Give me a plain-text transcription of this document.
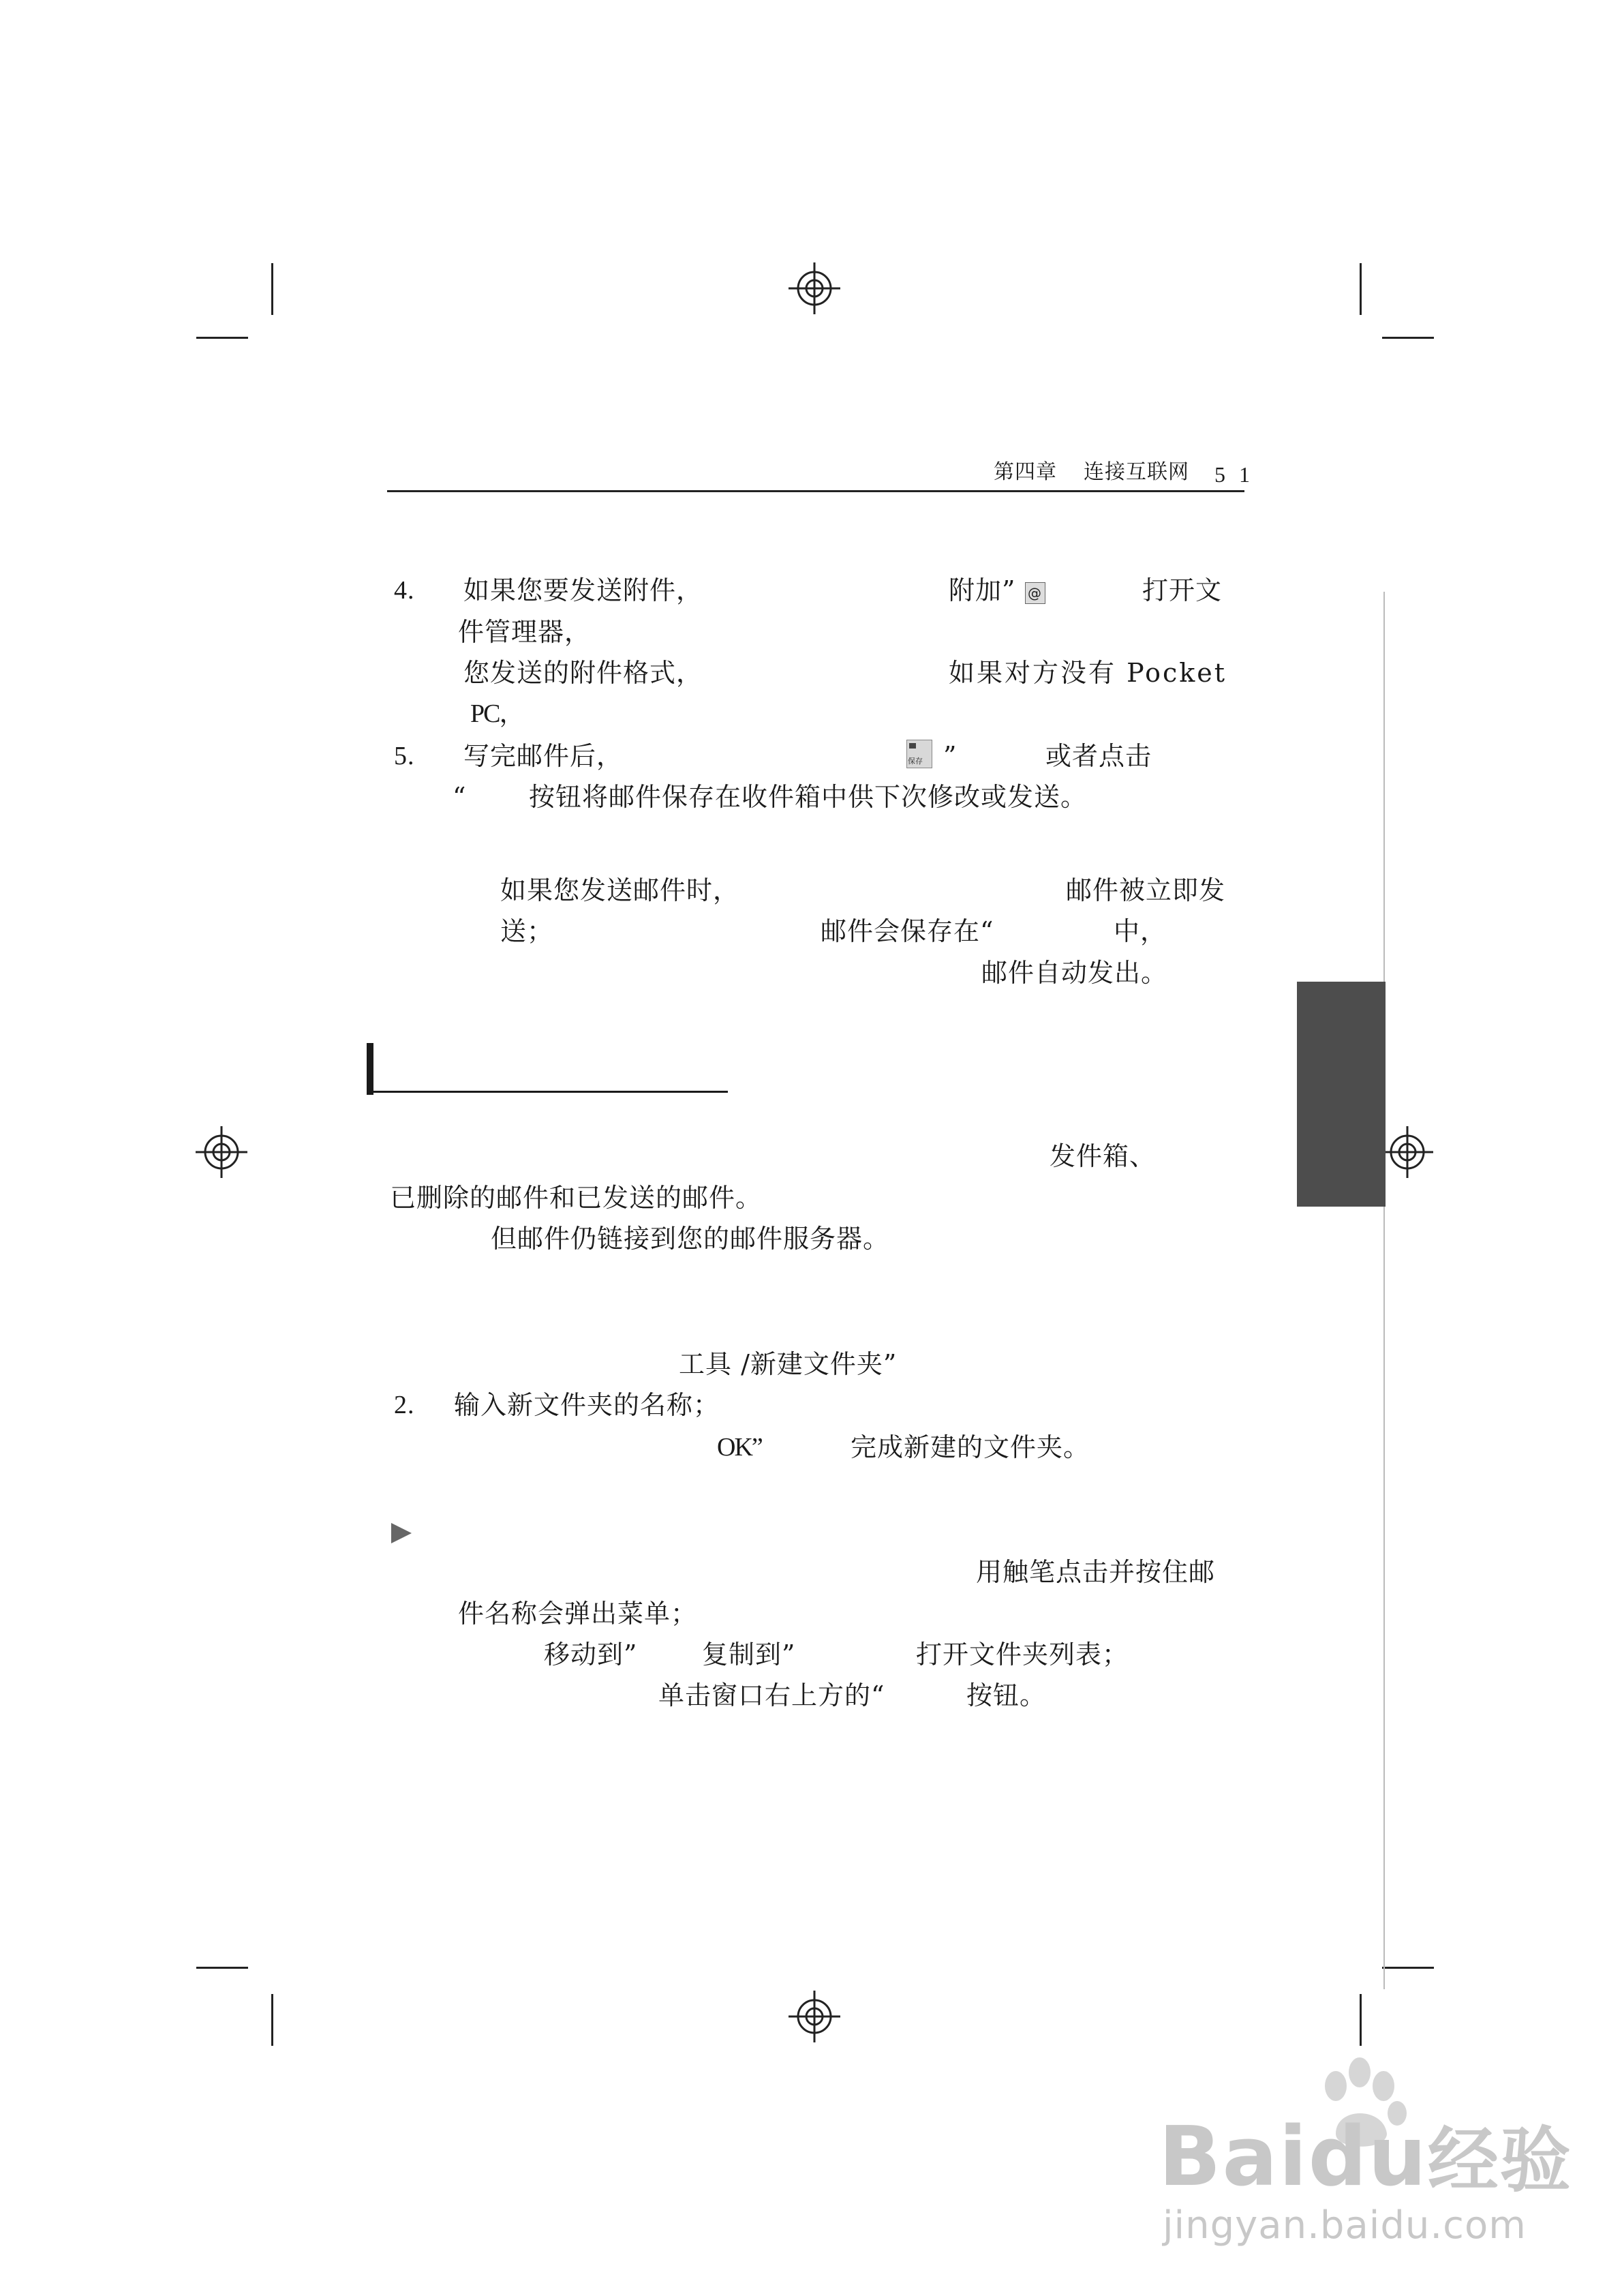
第四章 连接互联网 5 1
4. 如果您要发送附件，	附加” @	打开文
件管理器，
您发送的附件格式，	如果对方没有 Pocket
PC，
5. 写完邮件后，	保存 ”	或者点击
“ 按钮将邮件保存在收件箱中供下次修改或发送。
如果您发送邮件时，	邮件被立即发
送；	邮件会保存在“	中，
邮件自动发出。
发件箱、
已删除的邮件和已发送的邮件。
但邮件仍链接到您的邮件服务器。
工具 /新建文件夹”
2. 输入新文件夹的名称；
OK”	完成新建的文件夹。
用触笔点击并按住邮
件名称会弹出菜单；
移动到” 复制到”	打开文件夹列表；
单击窗口右上方的“	按钮。
Baidu经验
jingyan.baidu.com
